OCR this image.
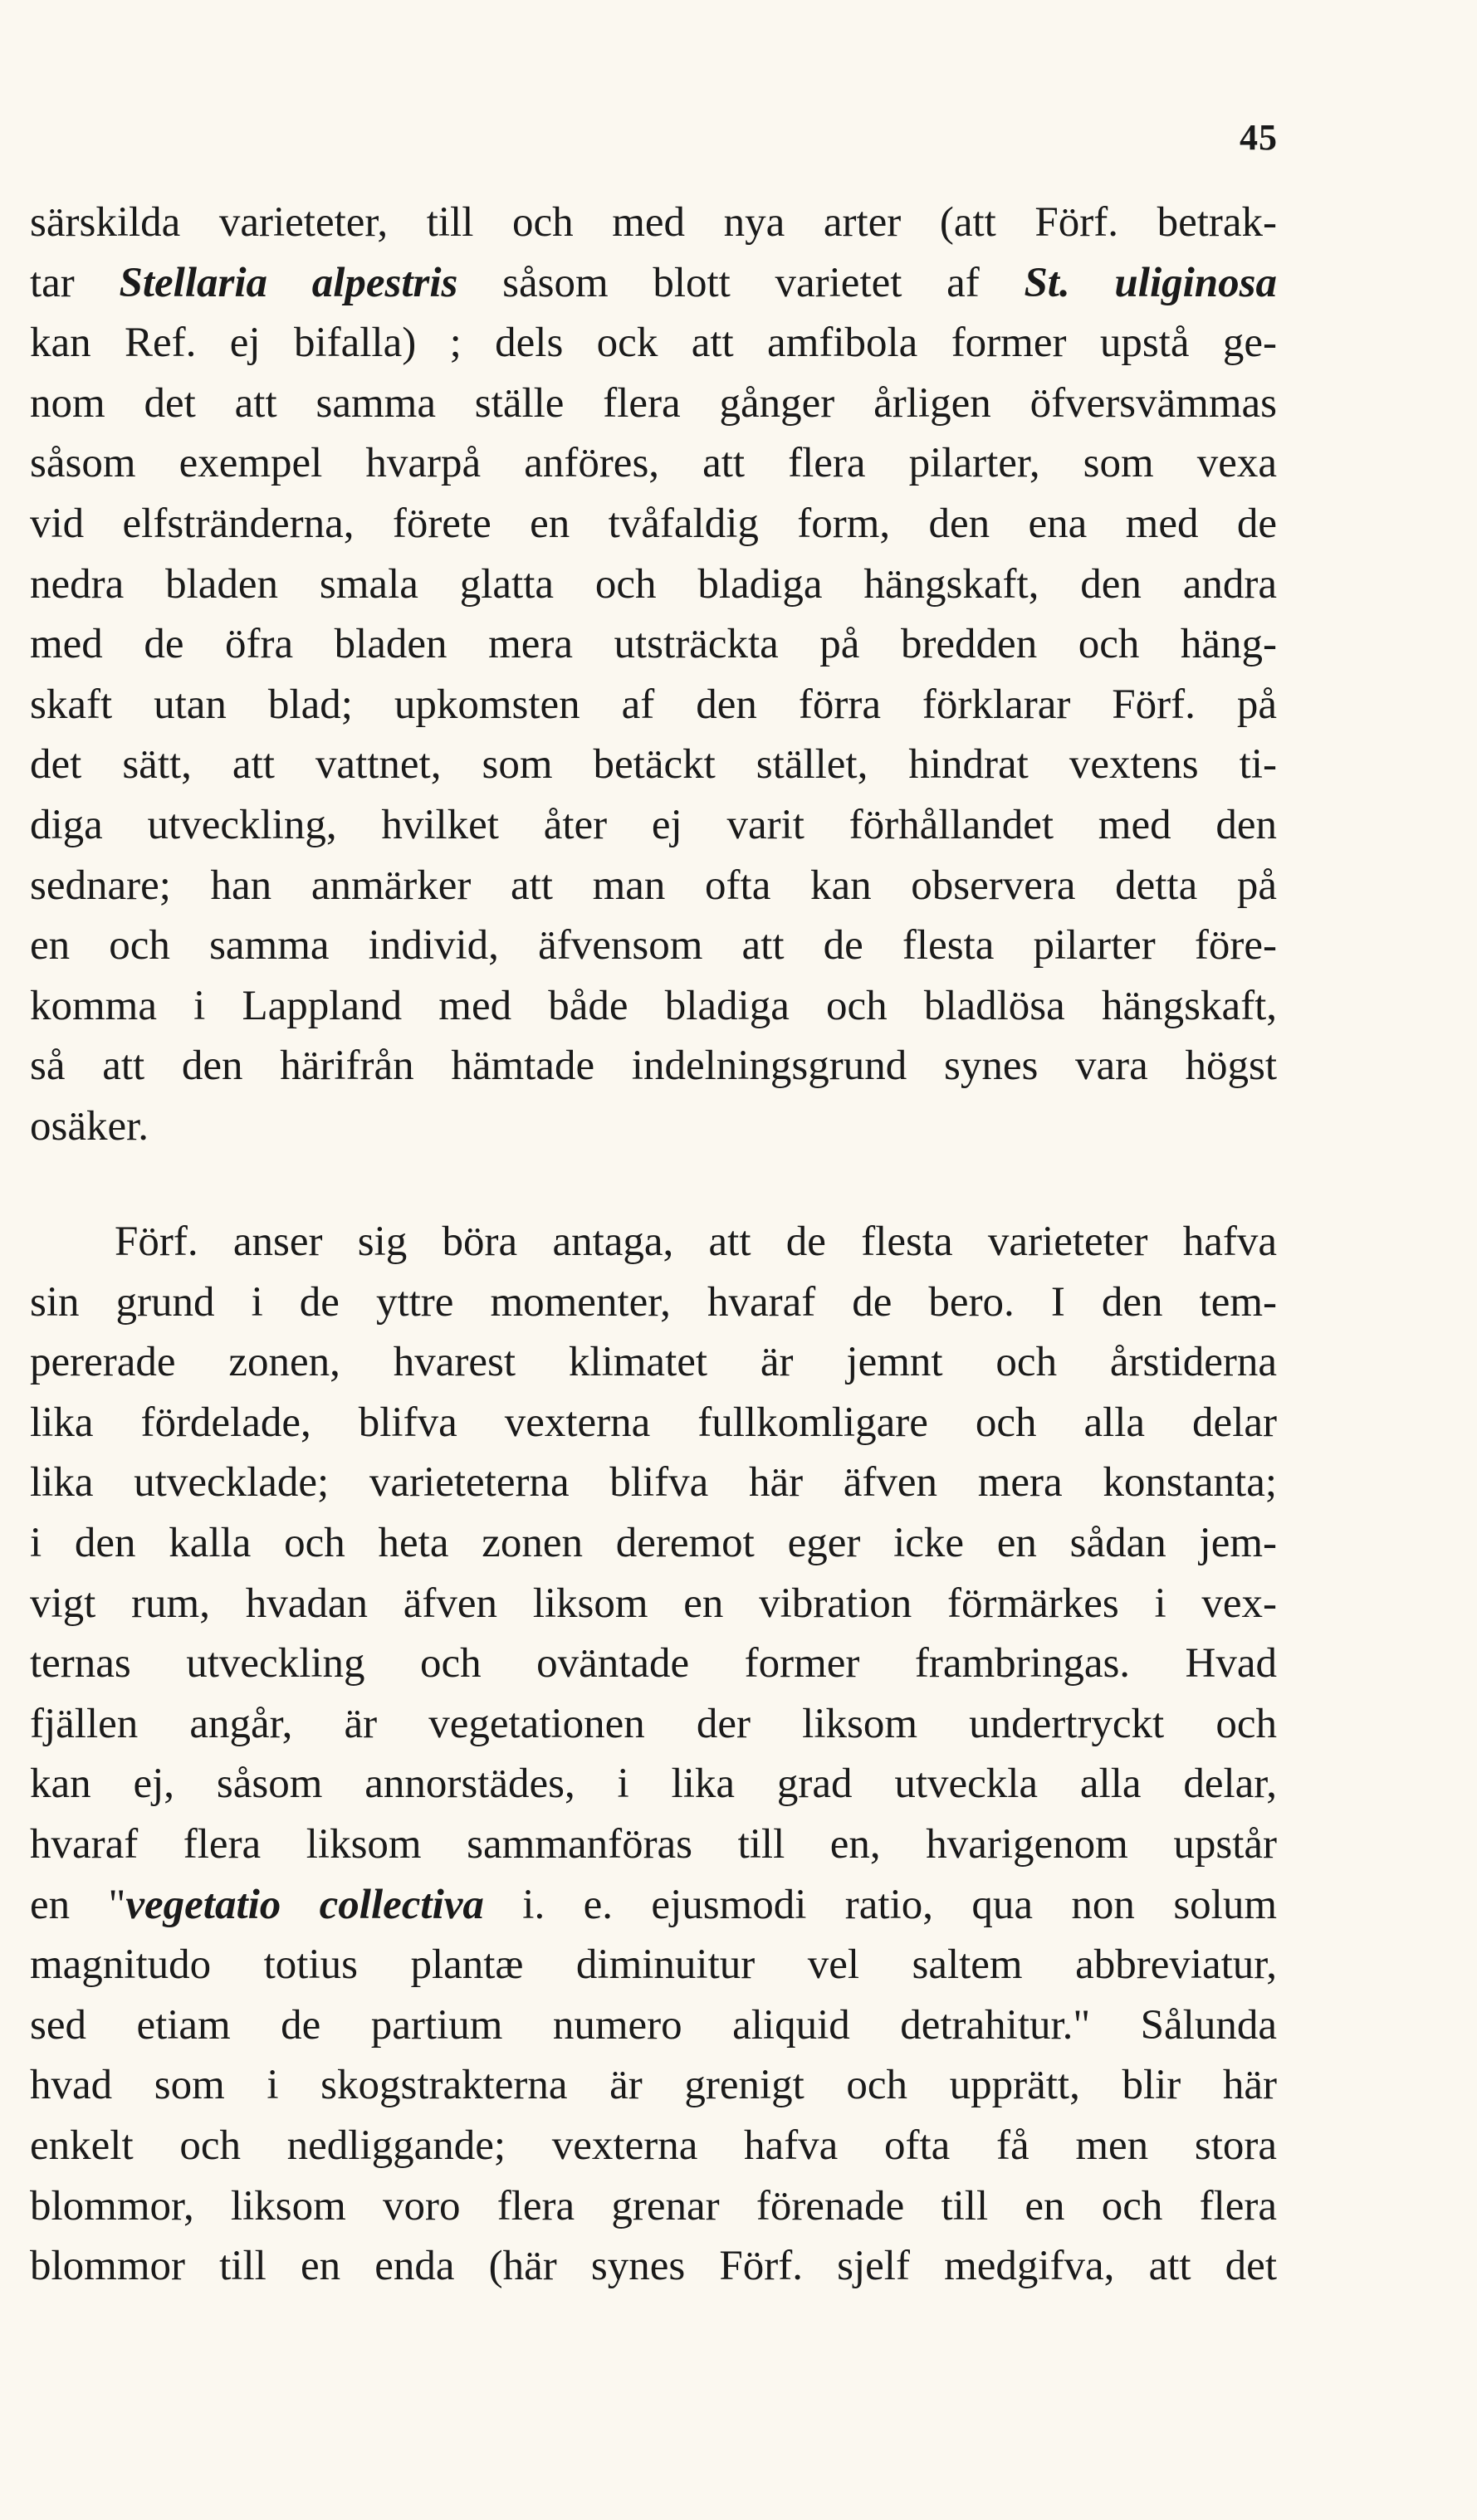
45
särskilda varieteter, till och med nya arter (att Förf. betrak-
tar Stellaria alpestris såsom blott varietet af St. uliginosa
kan Ref. ej bifalla) ; dels ock att amfibola former upstå ge-
nom det att samma ställe flera gånger årligen öfversvämmas
såsom exempel hvarpå anföres, att flera pilarter, som vexa
vid elfstränderna, förete en tvåfaldig form, den ena med de
nedra bladen smala glatta och bladiga hängskaft, den andra
med de öfra bladen mera utsträckta på bredden och häng-
skaft utan blad; upkomsten af den förra förklarar Förf. på
det sätt, att vattnet, som betäckt stället, hindrat vextens ti-
diga utveckling, hvilket åter ej varit förhållandet med den
sednare; han anmärker att man ofta kan observera detta på
en och samma individ, äfvensom att de flesta pilarter före-
komma i Lappland med både bladiga och bladlösa hängskaft,
så att den härifrån hämtade indelningsgrund synes vara högst
osäker.
Förf. anser sig böra antaga, att de flesta varieteter hafva
sin grund i de yttre momenter, hvaraf de bero. I den tem-
pererade zonen, hvarest klimatet är jemnt och årstiderna
lika fördelade, blifva vexterna fullkomligare och alla delar
lika utvecklade; varieteterna blifva här äfven mera konstanta;
i den kalla och heta zonen deremot eger icke en sådan jem-
vigt rum, hvadan äfven liksom en vibration förmärkes i vex-
ternas utveckling och oväntade former frambringas. Hvad
fjällen angår, är vegetationen der liksom undertryckt och
kan ej, såsom annorstädes, i lika grad utveckla alla delar,
hvaraf flera liksom sammanföras till en, hvarigenom upstår
en "vegetatio collectiva i. e. ejusmodi ratio, qua non solum
magnitudo totius plantæ diminuitur vel saltem abbreviatur,
sed etiam de partium numero aliquid detrahitur." Sålunda
hvad som i skogstrakterna är grenigt och upprätt, blir här
enkelt och nedliggande; vexterna hafva ofta få men stora
blommor, liksom voro flera grenar förenade till en och flera
blommor till en enda (här synes Förf. sjelf medgifva, att det
